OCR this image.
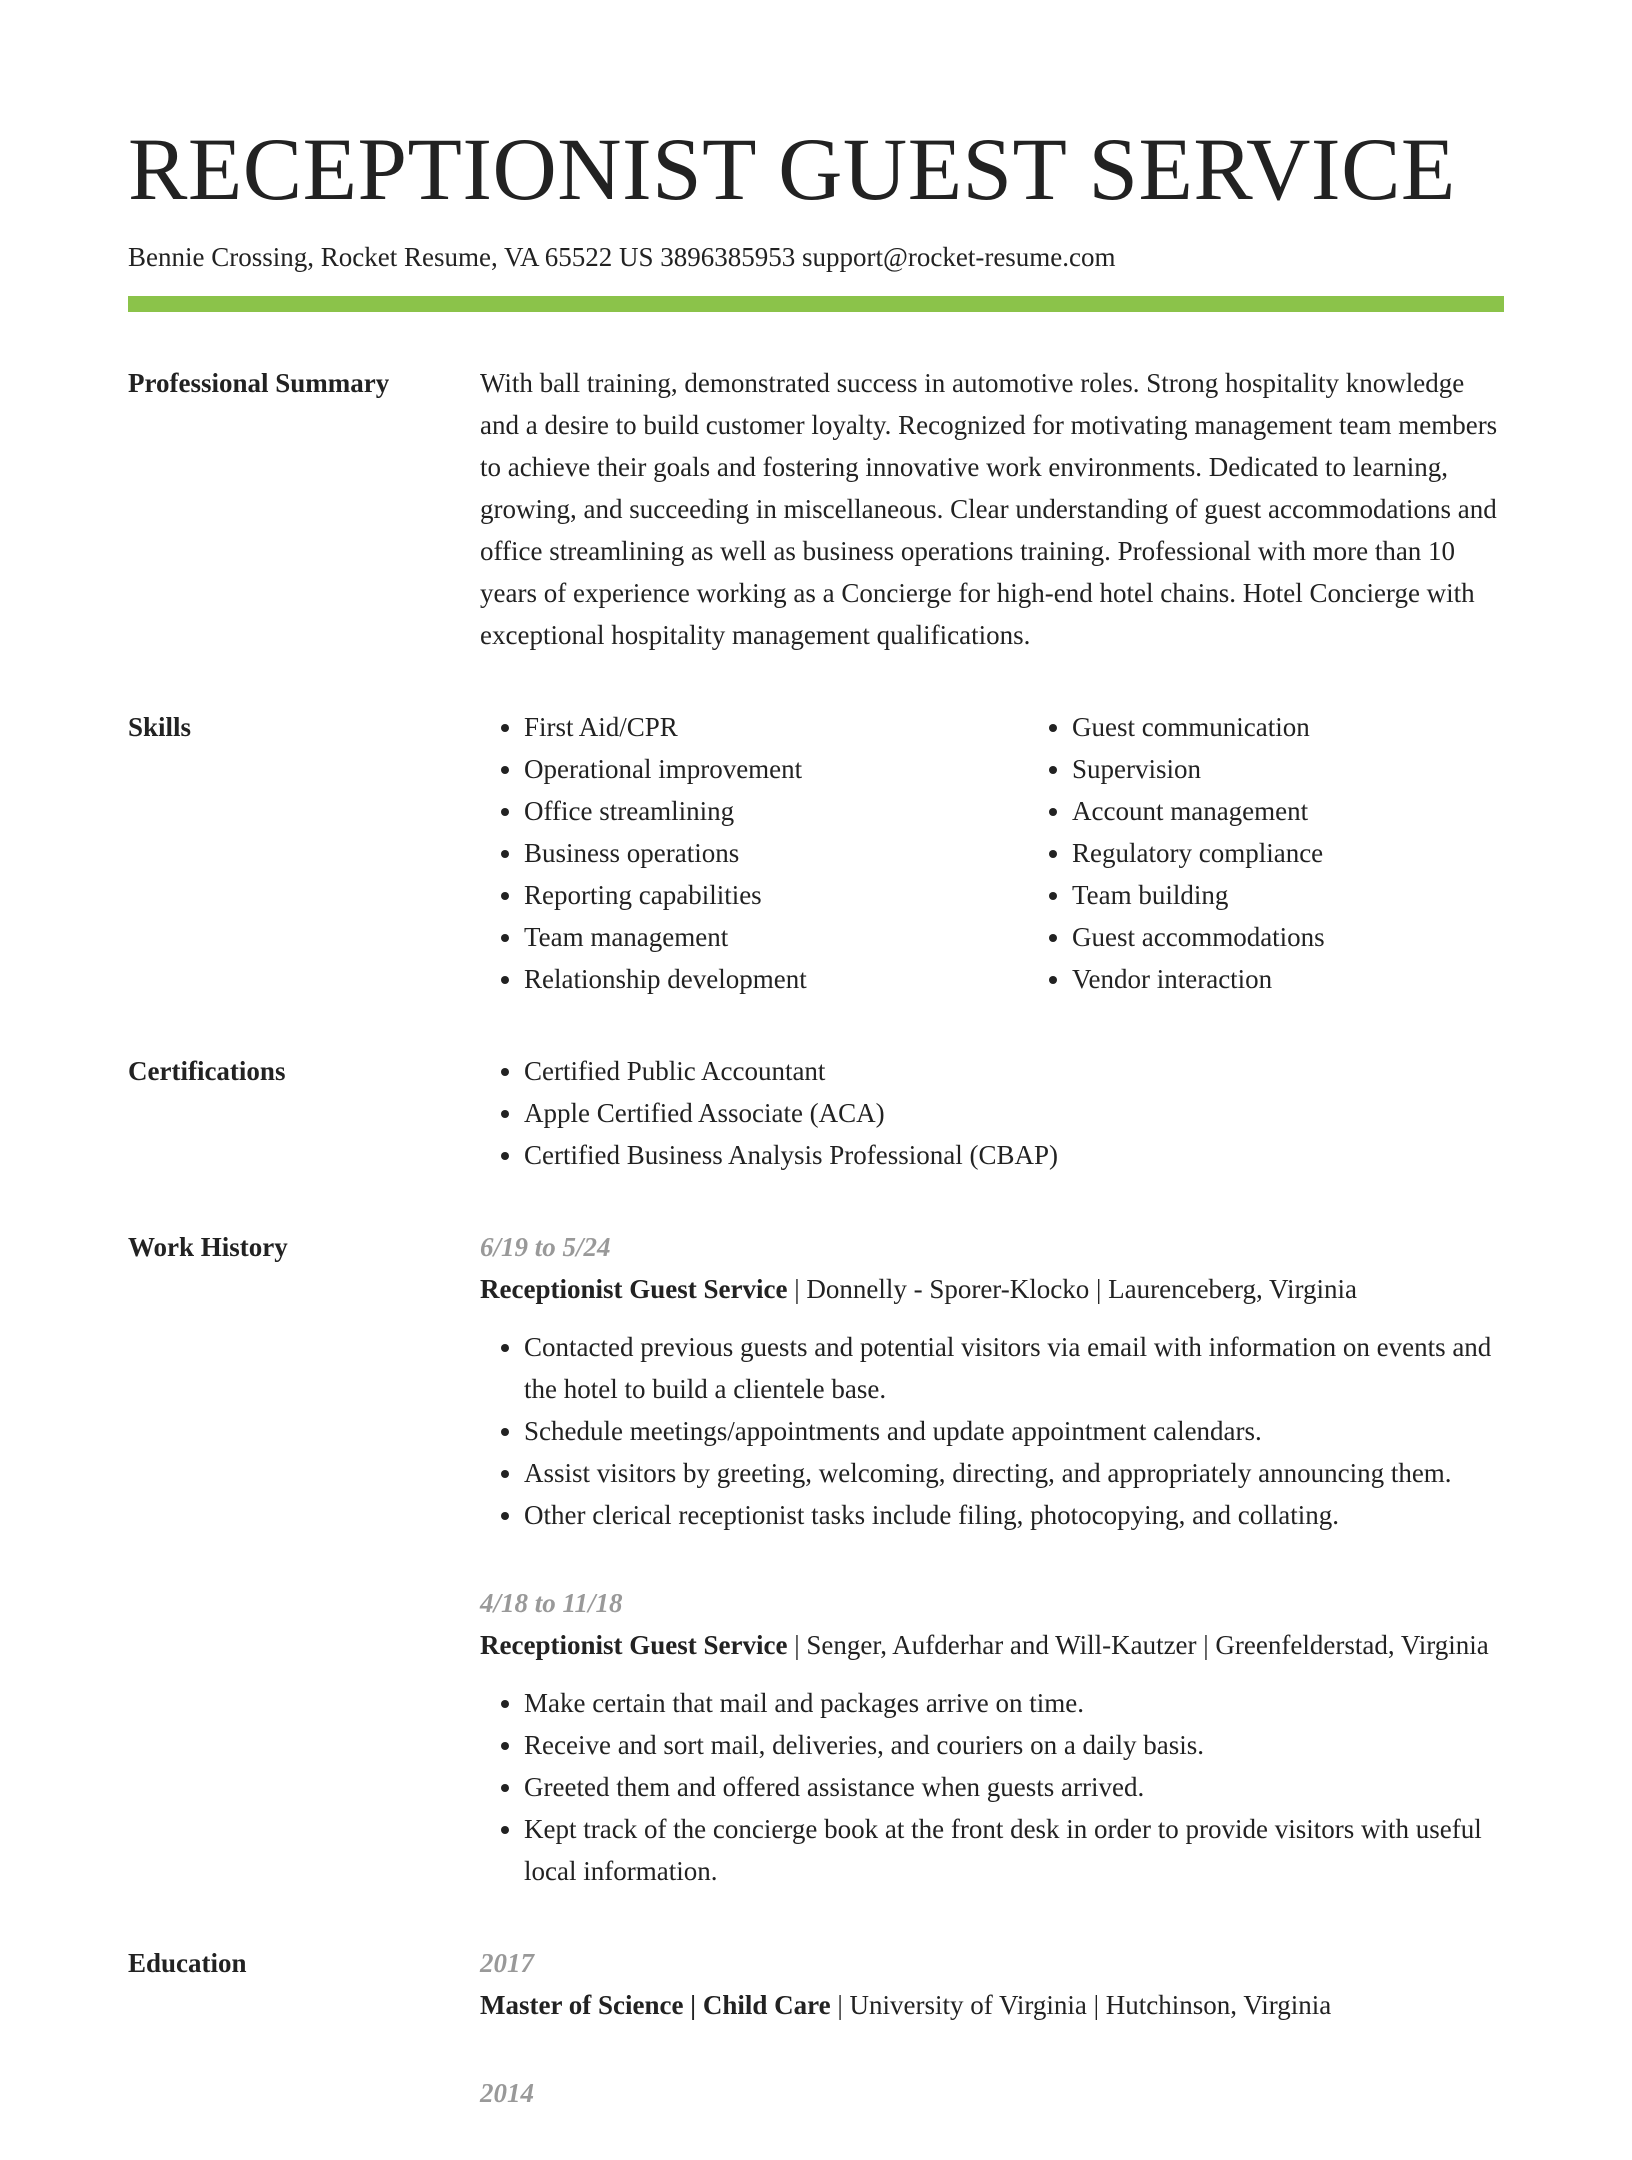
RECEPTIONIST GUEST SERVICE
Bennie Crossing, Rocket Resume, VA 65522 US 3896385953 support@rocket-resume.com
Professional Summary	With ball training, demonstrated success in automotive roles. Strong hospitality knowledge and a desire to build customer loyalty. Recognized for motivating management team members to achieve their goals and fostering innovative work environments. Dedicated to learning, growing, and succeeding in miscellaneous. Clear understanding of guest accommodations and office streamlining as well as business operations training. Professional with more than 10 years of experience working as a Concierge for high-end hotel chains. Hotel Concierge with exceptional hospitality management qualifications.

Skills	• First Aid/CPR
• Operational improvement
• Office streamlining
• Business operations
• Reporting capabilities
• Team management
• Relationship development
• Guest communication
• Supervision
• Account management
• Regulatory compliance
• Team building
• Guest accommodations
• Vendor interaction
Certifications	• Certified Public Accountant
• Apple Certified Associate (ACA)
• Certified Business Analysis Professional (CBAP)
Work History	6/19 to 5/24
Receptionist Guest Service | Donnelly - Sporer-Klocko | Laurenceberg, Virginia
• Contacted previous guests and potential visitors via email with information on events and the hotel to build a clientele base.
• Schedule meetings/appointments and update appointment calendars.
• Assist visitors by greeting, welcoming, directing, and appropriately announcing them.
• Other clerical receptionist tasks include filing, photocopying, and collating.
4/18 to 11/18
Receptionist Guest Service | Senger, Aufderhar and Will-Kautzer | Greenfelderstad, Virginia
• Make certain that mail and packages arrive on time.
• Receive and sort mail, deliveries, and couriers on a daily basis.
• Greeted them and offered assistance when guests arrived.
• Kept track of the concierge book at the front desk in order to provide visitors with useful local information.
Education	2017
Master of Science | Child Care | University of Virginia | Hutchinson, Virginia
2014
